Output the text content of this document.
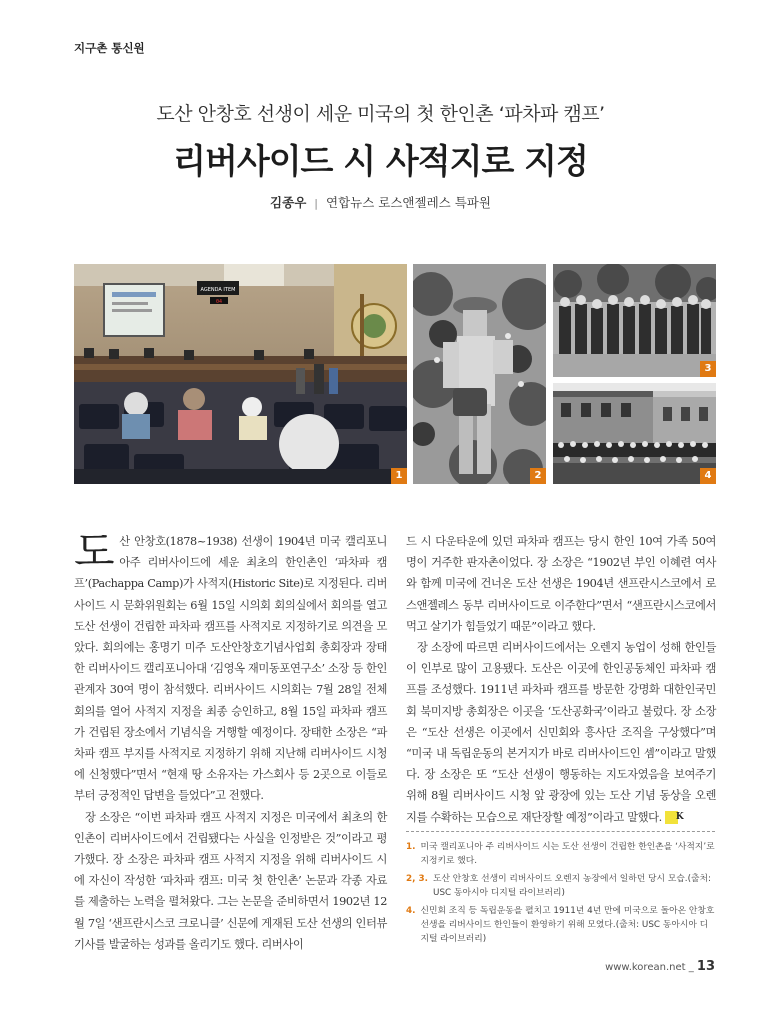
지구촌 통신원
도산 안창호 선생이 세운 미국의 첫 한인촌 ‘파차파 캠프’
리버사이드 시 사적지로 지정
김종우 | 연합뉴스 로스앤젤레스 특파원
AGENDA ITEM
04
1	2
3
4

도산 안창호(1878~1938) 선생이 1904년 미국 캘리포니아주 리버사이드에 세운 최초의 한인촌인 ‘파차파 캠프’(Pachappa Camp)가 사적지(Historic Site)로 지정된다. 리버사이드 시 문화위원회는 6월 15일 시의회 회의실에서 회의를 열고 도산 선생이 건립한 파차파 캠프를 사적지로 지정하기로 의견을 모았다. 회의에는 홍명기 미주 도산안창호기념사업회 총회장과 장태한 리버사이드 캘리포니아대 ‘김영옥 재미동포연구소’ 소장 등 한인 관계자 30여 명이 참석했다. 리버사이드 시의회는 7월 28일 전체회의를 열어 사적지 지정을 최종 승인하고, 8월 15일 파차파 캠프가 건립된 장소에서 기념식을 거행할 예정이다. 장태한 소장은 “파차파 캠프 부지를 사적지로 지정하기 위해 지난해 리버사이드 시청에 신청했다”면서 “현재 땅 소유자는 가스회사 등 2곳으로 이들로부터 긍정적인 답변을 들었다”고 전했다.

장 소장은 “이번 파차파 캠프 사적지 지정은 미국에서 최초의 한인촌이 리버사이드에서 건립됐다는 사실을 인정받은 것”이라고 평가했다. 장 소장은 파차파 캠프 사적지 지정을 위해 리버사이드 시에 자신이 작성한 ‘파차파 캠프: 미국 첫 한인촌’ 논문과 각종 자료를 제출하는 노력을 펼쳐왔다. 그는 논문을 준비하면서 1902년 12월 7일 ‘샌프란시스코 크로니클’ 신문에 게재된 도산 선생의 인터뷰 기사를 발굴하는 성과를 올리기도 했다. 리버사이

드 시 다운타운에 있던 파차파 캠프는 당시 한인 10여 가족 50여 명이 거주한 판자촌이었다. 장 소장은 “1902년 부인 이혜련 여사와 함께 미국에 건너온 도산 선생은 1904년 샌프란시스코에서 로스앤젤레스 동부 리버사이드로 이주한다”면서 “샌프란시스코에서 먹고 살기가 힘들었기 때문”이라고 했다.

장 소장에 따르면 리버사이드에서는 오렌지 농업이 성해 한인들이 인부로 많이 고용됐다. 도산은 이곳에 한인공동체인 파차파 캠프를 조성했다. 1911년 파차파 캠프를 방문한 강명화 대한인국민회 북미지방 총회장은 이곳을 ‘도산공화국’이라고 불렀다. 장 소장은 “도산 선생은 이곳에서 신민회와 흥사단 조직을 구상했다”며 “미국 내 독립운동의 본거지가 바로 리버사이드인 셈”이라고 말했다. 장 소장은 또 “도산 선생이 행동하는 지도자였음을 보여주기 위해 8월 리버사이드 시청 앞 광장에 있는 도산 기념 동상을 오렌지를 수확하는 모습으로 재단장할 예정”이라고 말했다. K

1. 미국 캘리포니아 주 리버사이드 시는 도산 선생이 건립한 한인촌을 ‘사적지’로 지정키로 했다.
2, 3. 도산 안창호 선생이 리버사이드 오렌지 농장에서 일하던 당시 모습.(출처: USC 동아시아 디지털 라이브러리)
4. 신민회 조직 등 독립운동을 펼치고 1911년 4년 만에 미국으로 돌아온 안창호 선생을 리버사이드 한인들이 환영하기 위해 모였다.(출처: USC 동아시아 디지털 라이브러리)
www.korean.net _ 13
